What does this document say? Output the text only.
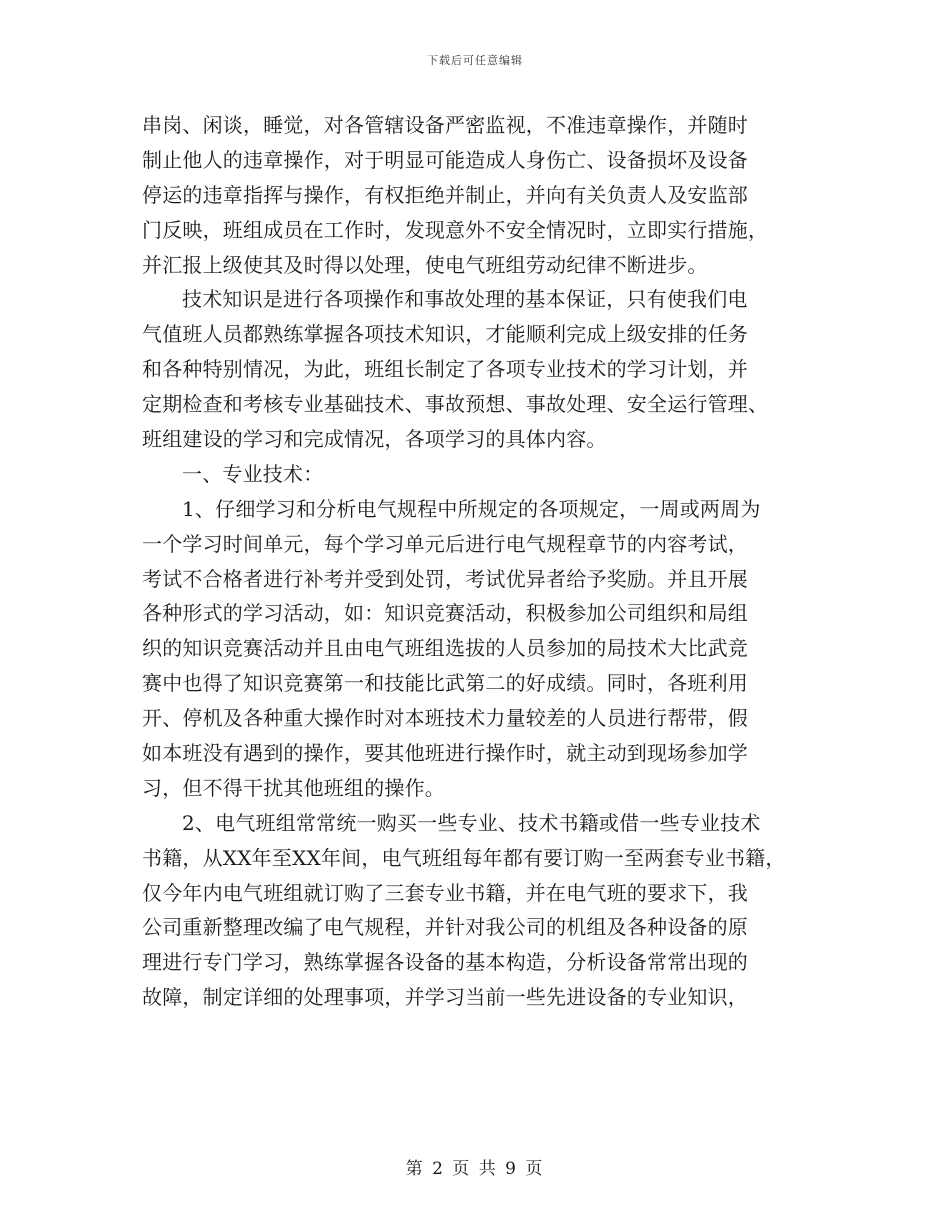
下载后可任意编辑
串岗、闲谈，睡觉，对各管辖设备严密监视，不准违章操作，并随时
制止他人的违章操作，对于明显可能造成人身伤亡、设备损坏及设备
停运的违章指挥与操作，有权拒绝并制止，并向有关负责人及安监部
门反映，班组成员在工作时，发现意外不安全情况时，立即实行措施，
并汇报上级使其及时得以处理，使电气班组劳动纪律不断进步。
技术知识是进行各项操作和事故处理的基本保证，只有使我们电
气值班人员都熟练掌握各项技术知识，才能顺利完成上级安排的任务
和各种特别情况，为此，班组长制定了各项专业技术的学习计划，并
定期检查和考核专业基础技术、事故预想、事故处理、安全运行管理、
班组建设的学习和完成情况，各项学习的具体内容。
一、专业技术：
1、仔细学习和分析电气规程中所规定的各项规定，一周或两周为
一个学习时间单元，每个学习单元后进行电气规程章节的内容考试，
考试不合格者进行补考并受到处罚，考试优异者给予奖励。并且开展
各种形式的学习活动，如：知识竞赛活动，积极参加公司组织和局组
织的知识竞赛活动并且由电气班组选拔的人员参加的局技术大比武竞
赛中也得了知识竞赛第一和技能比武第二的好成绩。同时，各班利用
开、停机及各种重大操作时对本班技术力量较差的人员进行帮带，假
如本班没有遇到的操作，要其他班进行操作时，就主动到现场参加学
习，但不得干扰其他班组的操作。
2、电气班组常常统一购买一些专业、技术书籍或借一些专业技术
书籍，从XX年至XX年间，电气班组每年都有要订购一至两套专业书籍，
仅今年内电气班组就订购了三套专业书籍，并在电气班的要求下，我
公司重新整理改编了电气规程，并针对我公司的机组及各种设备的原
理进行专门学习，熟练掌握各设备的基本构造，分析设备常常出现的
故障，制定详细的处理事项，并学习当前一些先进设备的专业知识，
第 2 页 共 9 页
